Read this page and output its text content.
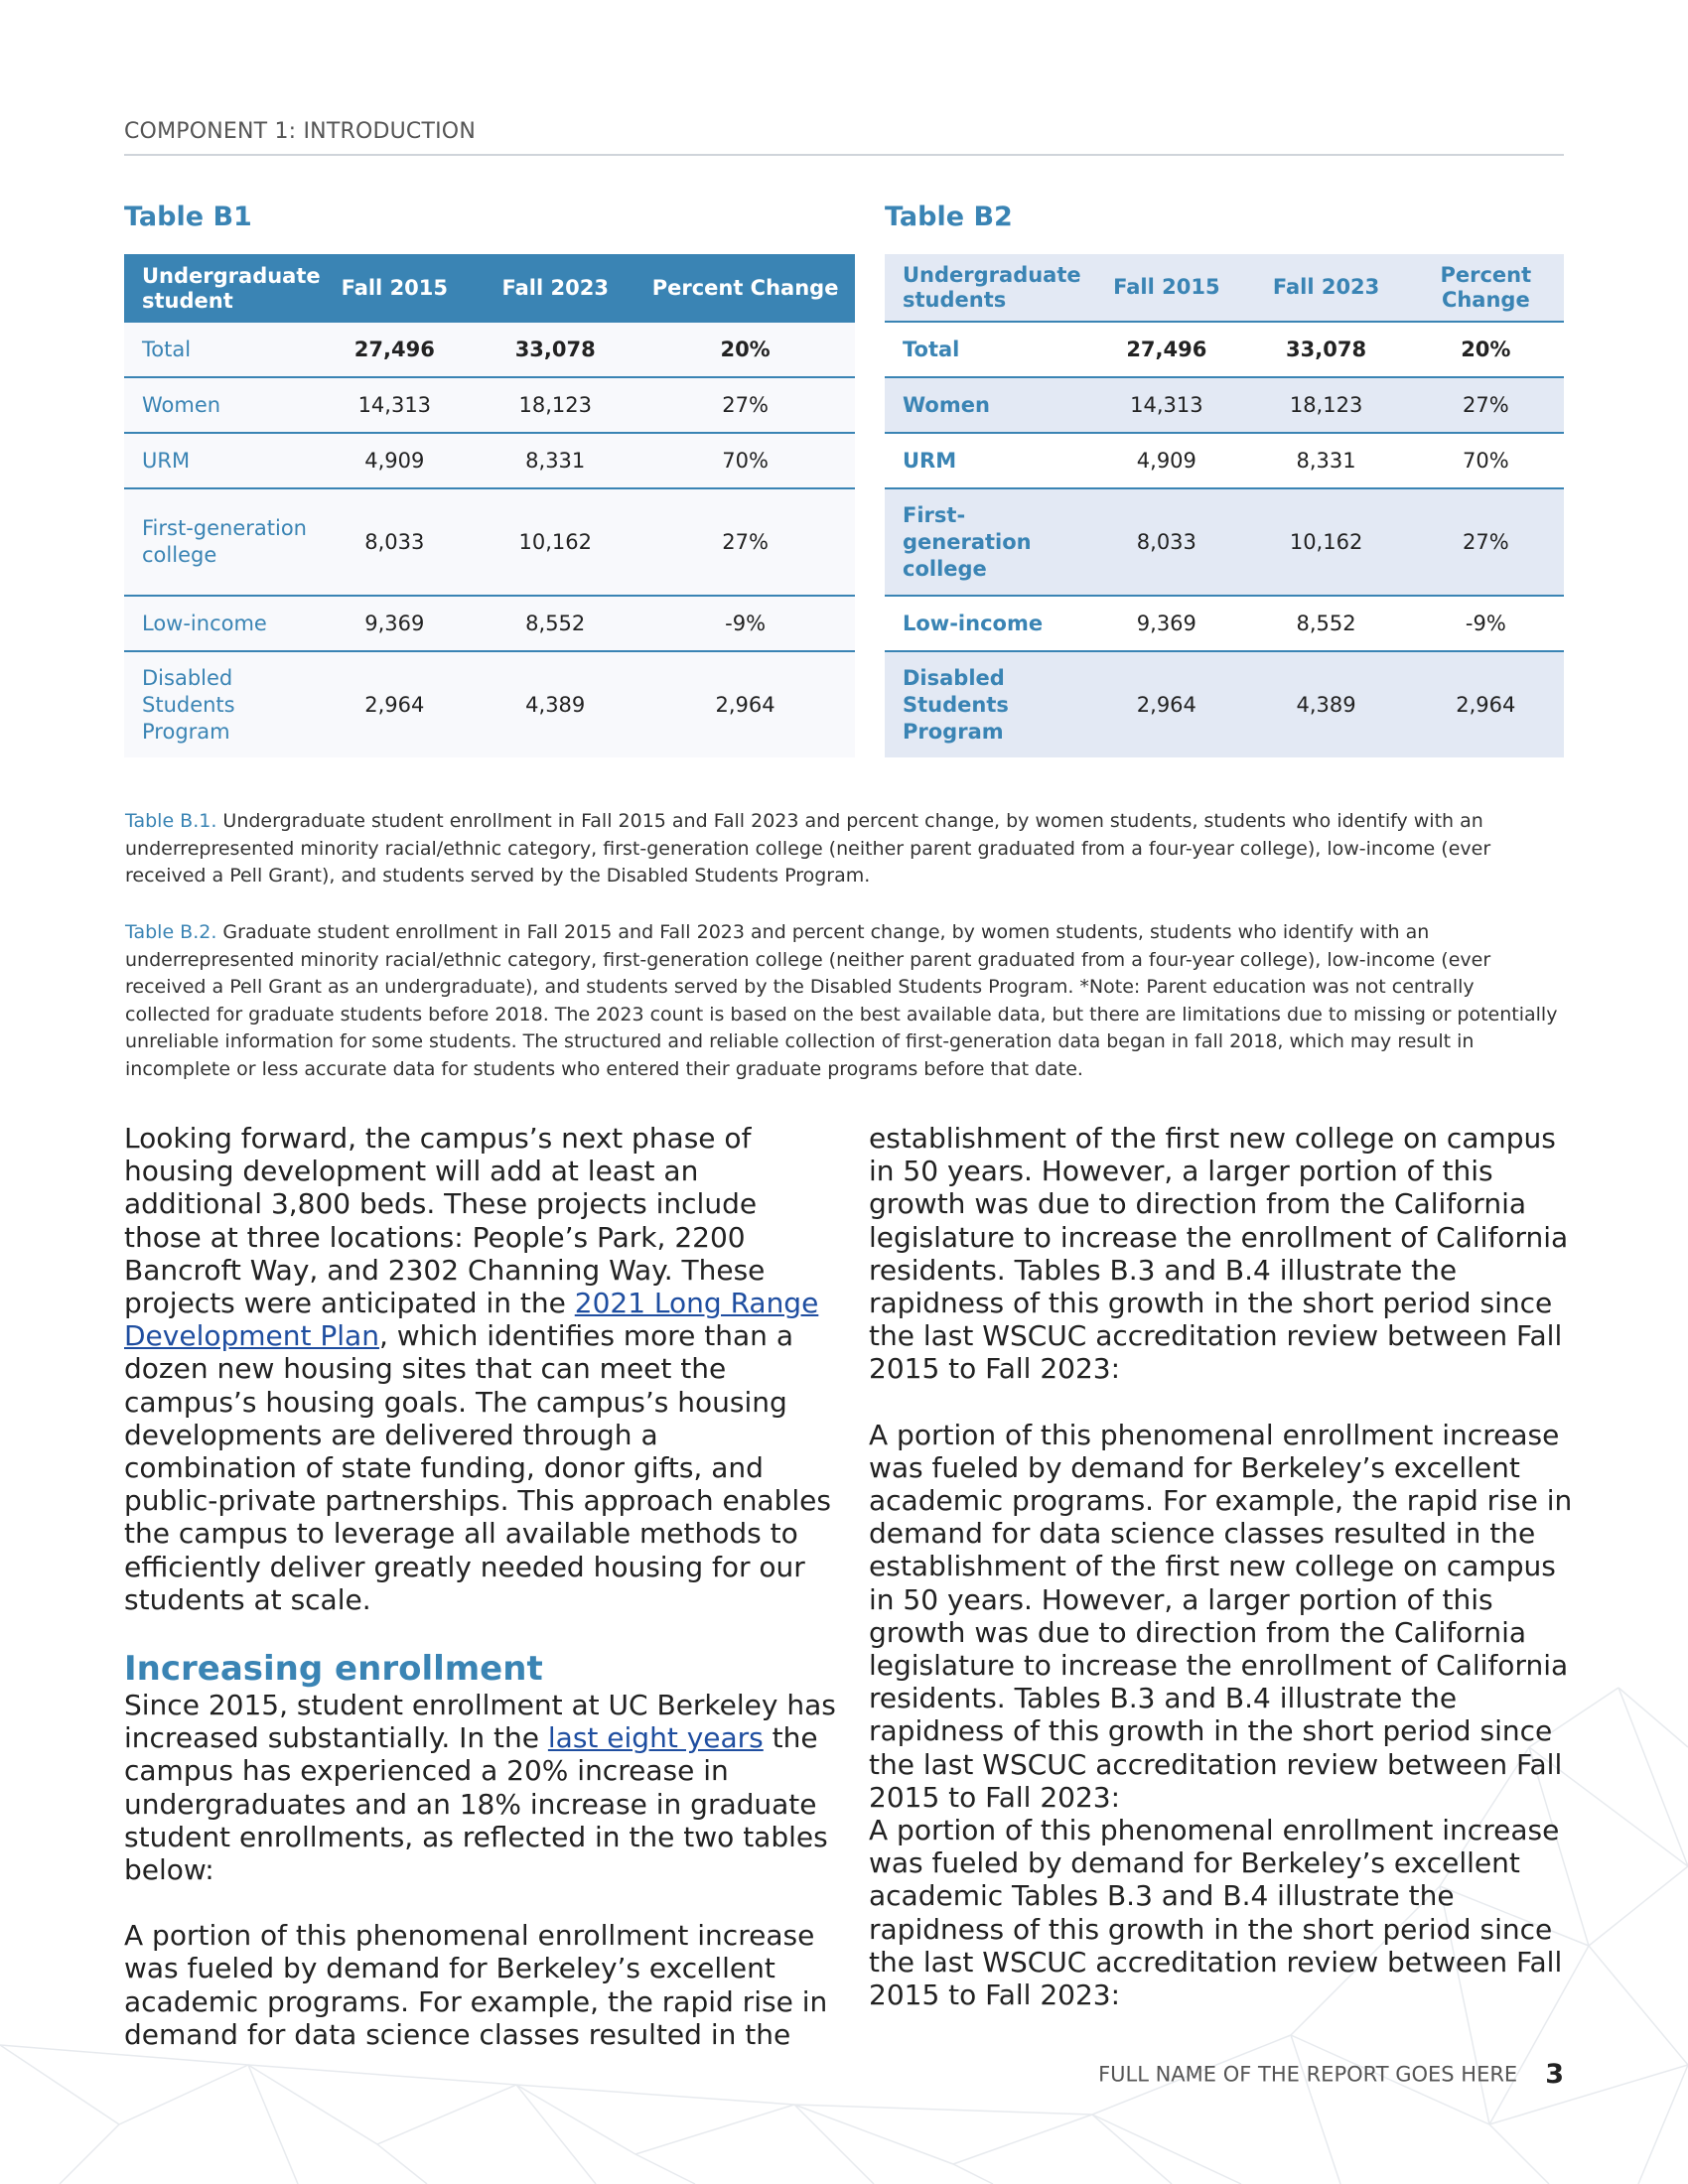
COMPONENT 1: INTRODUCTION
Table B1
Undergraduate student	Fall 2015	Fall 2023	Percent Change
Total	27,496	33,078	20%
Women	14,313	18,123	27%
URM	4,909	8,331	70%
First-generation college	8,033	10,162	27%
Low-income	9,369	8,552	-9%
Disabled Students Program	2,964	4,389	2,964
Table B2
Undergraduate students	Fall 2015	Fall 2023	Percent Change
Total	27,496	33,078	20%
Women	14,313	18,123	27%
URM	4,909	8,331	70%
First-generation college	8,033	10,162	27%
Low-income	9,369	8,552	-9%
Disabled Students Program	2,964	4,389	2,964
Table B.1. Undergraduate student enrollment in Fall 2015 and Fall 2023 and percent change, by women students, students who identify with an underrepresented minority racial/ethnic category, first-generation college (neither parent graduated from a four-year college), low-income (ever received a Pell Grant), and students served by the Disabled Students Program.
Table B.2. Graduate student enrollment in Fall 2015 and Fall 2023 and percent change, by women students, students who identify with an underrepresented minority racial/ethnic category, first-generation college (neither parent graduated from a four-year college), low-income (ever received a Pell Grant as an undergraduate), and students served by the Disabled Students Program. *Note: Parent education was not centrally collected for graduate students before 2018. The 2023 count is based on the best available data, but there are limitations due to missing or potentially unreliable information for some students. The structured and reliable collection of first-generation data began in fall 2018, which may result in incomplete or less accurate data for students who entered their graduate programs before that date.

Looking forward, the campus’s next phase of housing development will add at least an additional 3,800 beds. These projects include those at three locations: People’s Park, 2200 Bancroft Way, and 2302 Channing Way. These projects were anticipated in the 2021 Long Range Development Plan, which identifies more than a dozen new housing sites that can meet the campus’s housing goals. The campus’s housing developments are delivered through a combination of state funding, donor gifts, and public-private partnerships. This approach enables the campus to leverage all available methods to efficiently deliver greatly needed housing for our students at scale.

Increasing enrollment

Since 2015, student enrollment at UC Berkeley has increased substantially. In the last eight years the campus has experienced a 20% increase in undergraduates and an 18% increase in graduate student enrollments, as reflected in the two tables below:

A portion of this phenomenal enrollment increase was fueled by demand for Berkeley’s excellent academic programs. For example, the rapid rise in demand for data science classes resulted in the

establishment of the first new college on campus in 50 years. However, a larger portion of this growth was due to direction from the California legislature to increase the enrollment of California residents. Tables B.3 and B.4 illustrate the rapidness of this growth in the short period since the last WSCUC accreditation review between Fall 2015 to Fall 2023:

A portion of this phenomenal enrollment increase was fueled by demand for Berkeley’s excellent academic programs. For example, the rapid rise in demand for data science classes resulted in the establishment of the first new college on campus in 50 years. However, a larger portion of this growth was due to direction from the California legislature to increase the enrollment of California residents. Tables B.3 and B.4 illustrate the rapidness of this growth in the short period since the last WSCUC accreditation review between Fall 2015 to Fall 2023:

A portion of this phenomenal enrollment increase was fueled by demand for Berkeley’s excellent academic Tables B.3 and B.4 illustrate the rapidness of this growth in the short period since the last WSCUC accreditation review between Fall 2015 to Fall 2023:

FULL NAME OF THE REPORT GOES HERE 3
